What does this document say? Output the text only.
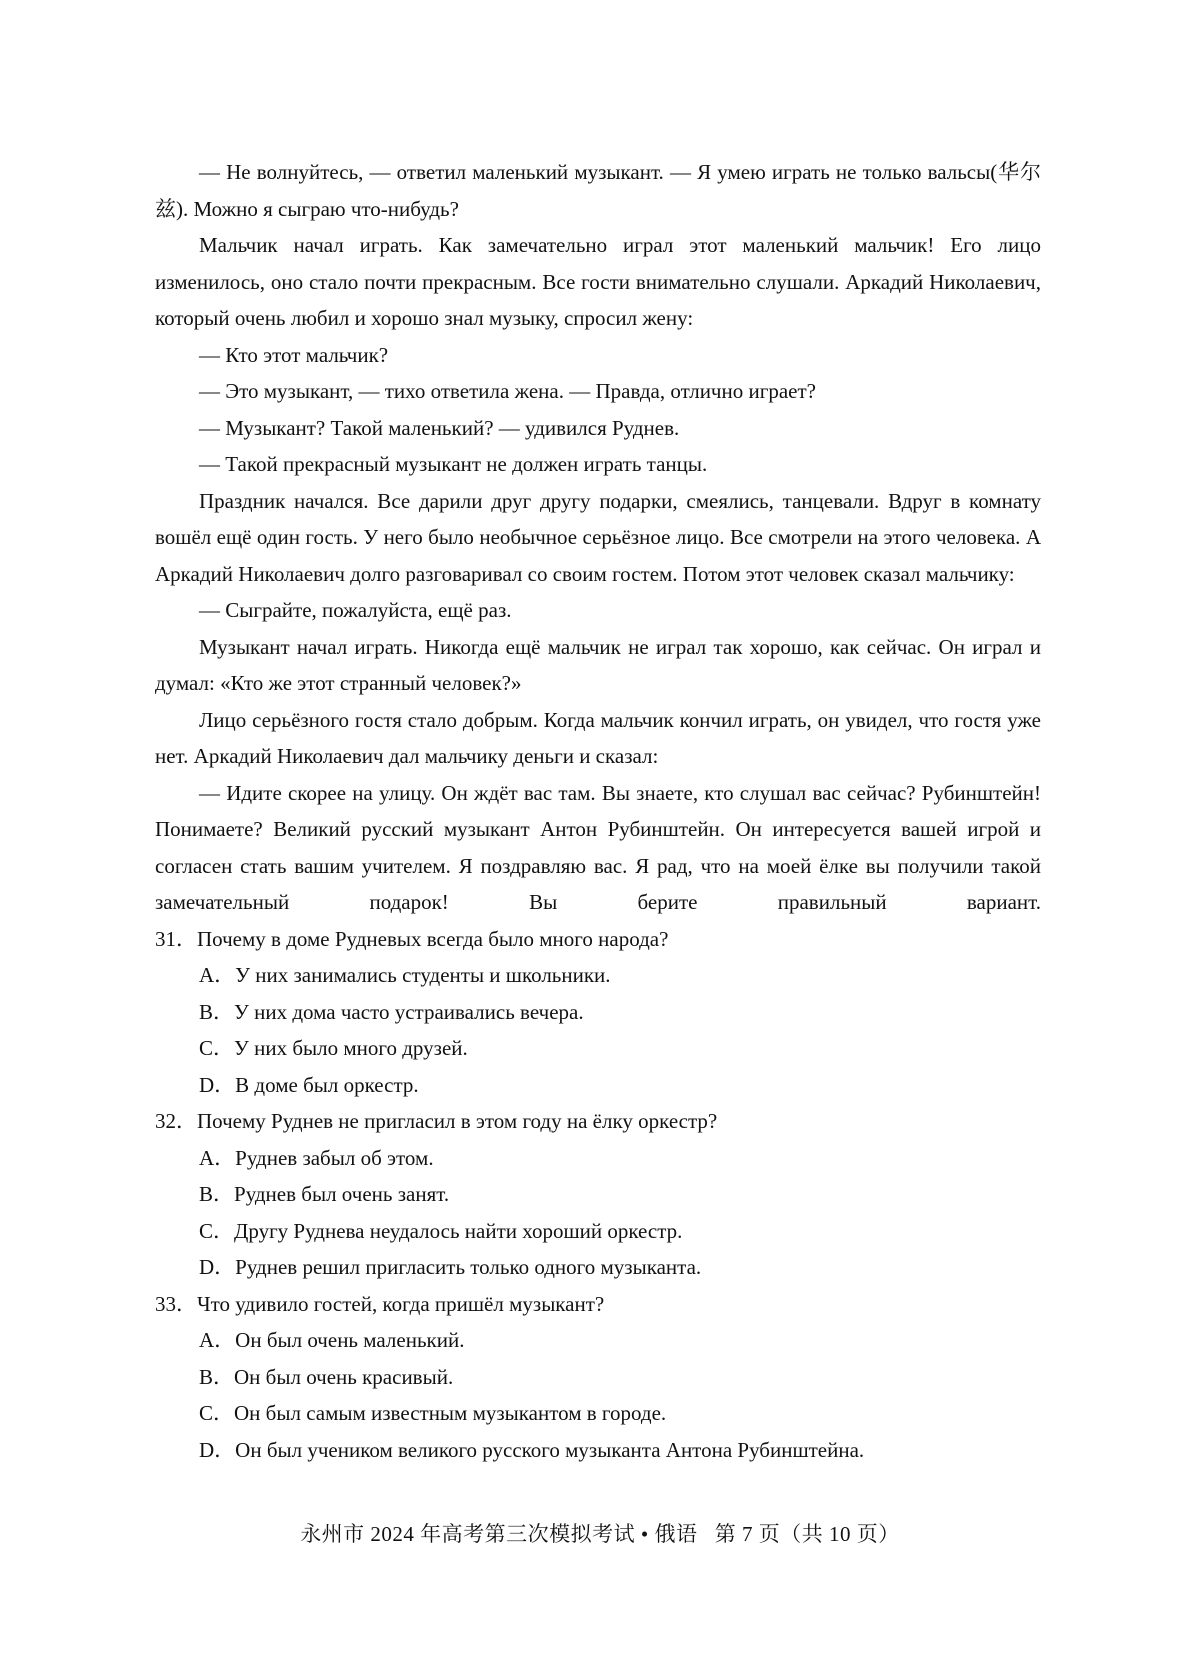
— Не волнуйтесь, — ответил маленький музыкант. — Я умею играть не только вальсы(华尔兹). Можно я сыграю что-нибудь?

Мальчик начал играть. Как замечательно играл этот маленький мальчик! Его лицо изменилось, оно стало почти прекрасным. Все гости внимательно слушали. Аркадий Николаевич, который очень любил и хорошо знал музыку, спросил жену:

— Кто этот мальчик?

— Это музыкант, — тихо ответила жена. — Правда, отлично играет?

— Музыкант? Такой маленький? — удивился Руднев.

— Такой прекрасный музыкант не должен играть танцы.

Праздник начался. Все дарили друг другу подарки, смеялись, танцевали. Вдруг в комнату вошёл ещё один гость. У него было необычное серьёзное лицо. Все смотрели на этого человека. А Аркадий Николаевич долго разговаривал со своим гостем. Потом этот человек сказал мальчику:

— Сыграйте, пожалуйста, ещё раз.

Музыкант начал играть. Никогда ещё мальчик не играл так хорошо, как сейчас. Он играл и думал: «Кто же этот странный человек?»

Лицо серьёзного гостя стало добрым. Когда мальчик кончил играть, он увидел, что гостя уже нет. Аркадий Николаевич дал мальчику деньги и сказал:

— Идите скорее на улицу. Он ждёт вас там. Вы знаете, кто слушал вас сейчас? Рубинштейн! Понимаете? Великий русский музыкант Антон Рубинштейн. Он интересуется вашей игрой и согласен стать вашим учителем. Я поздравляю вас. Я рад, что на моей ёлке вы получили такой замечательный подарок! Вы берите правильный вариант.

31． Почему в доме Рудневых всегда было много народа?
A． У них занимались студенты и школьники.
B． У них дома часто устраивались вечера.
C． У них было много друзей.
D． В доме был оркестр.
32． Почему Руднев не пригласил в этом году на ёлку оркестр?
A． Руднев забыл об этом.
B． Руднев был очень занят.
C． Другу Руднева неудалось найти хороший оркестр.
D． Руднев решил пригласить только одного музыканта.
33． Что удивило гостей, когда пришёл музыкант?
A． Он был очень маленький.
B． Он был очень красивый.
C． Он был самым известным музыкантом в городе.
D． Он был учеником великого русского музыканта Антона Рубинштейна.
永州市 2024 年高考第三次模拟考试 • 俄语   第 7 页（共 10 页）
